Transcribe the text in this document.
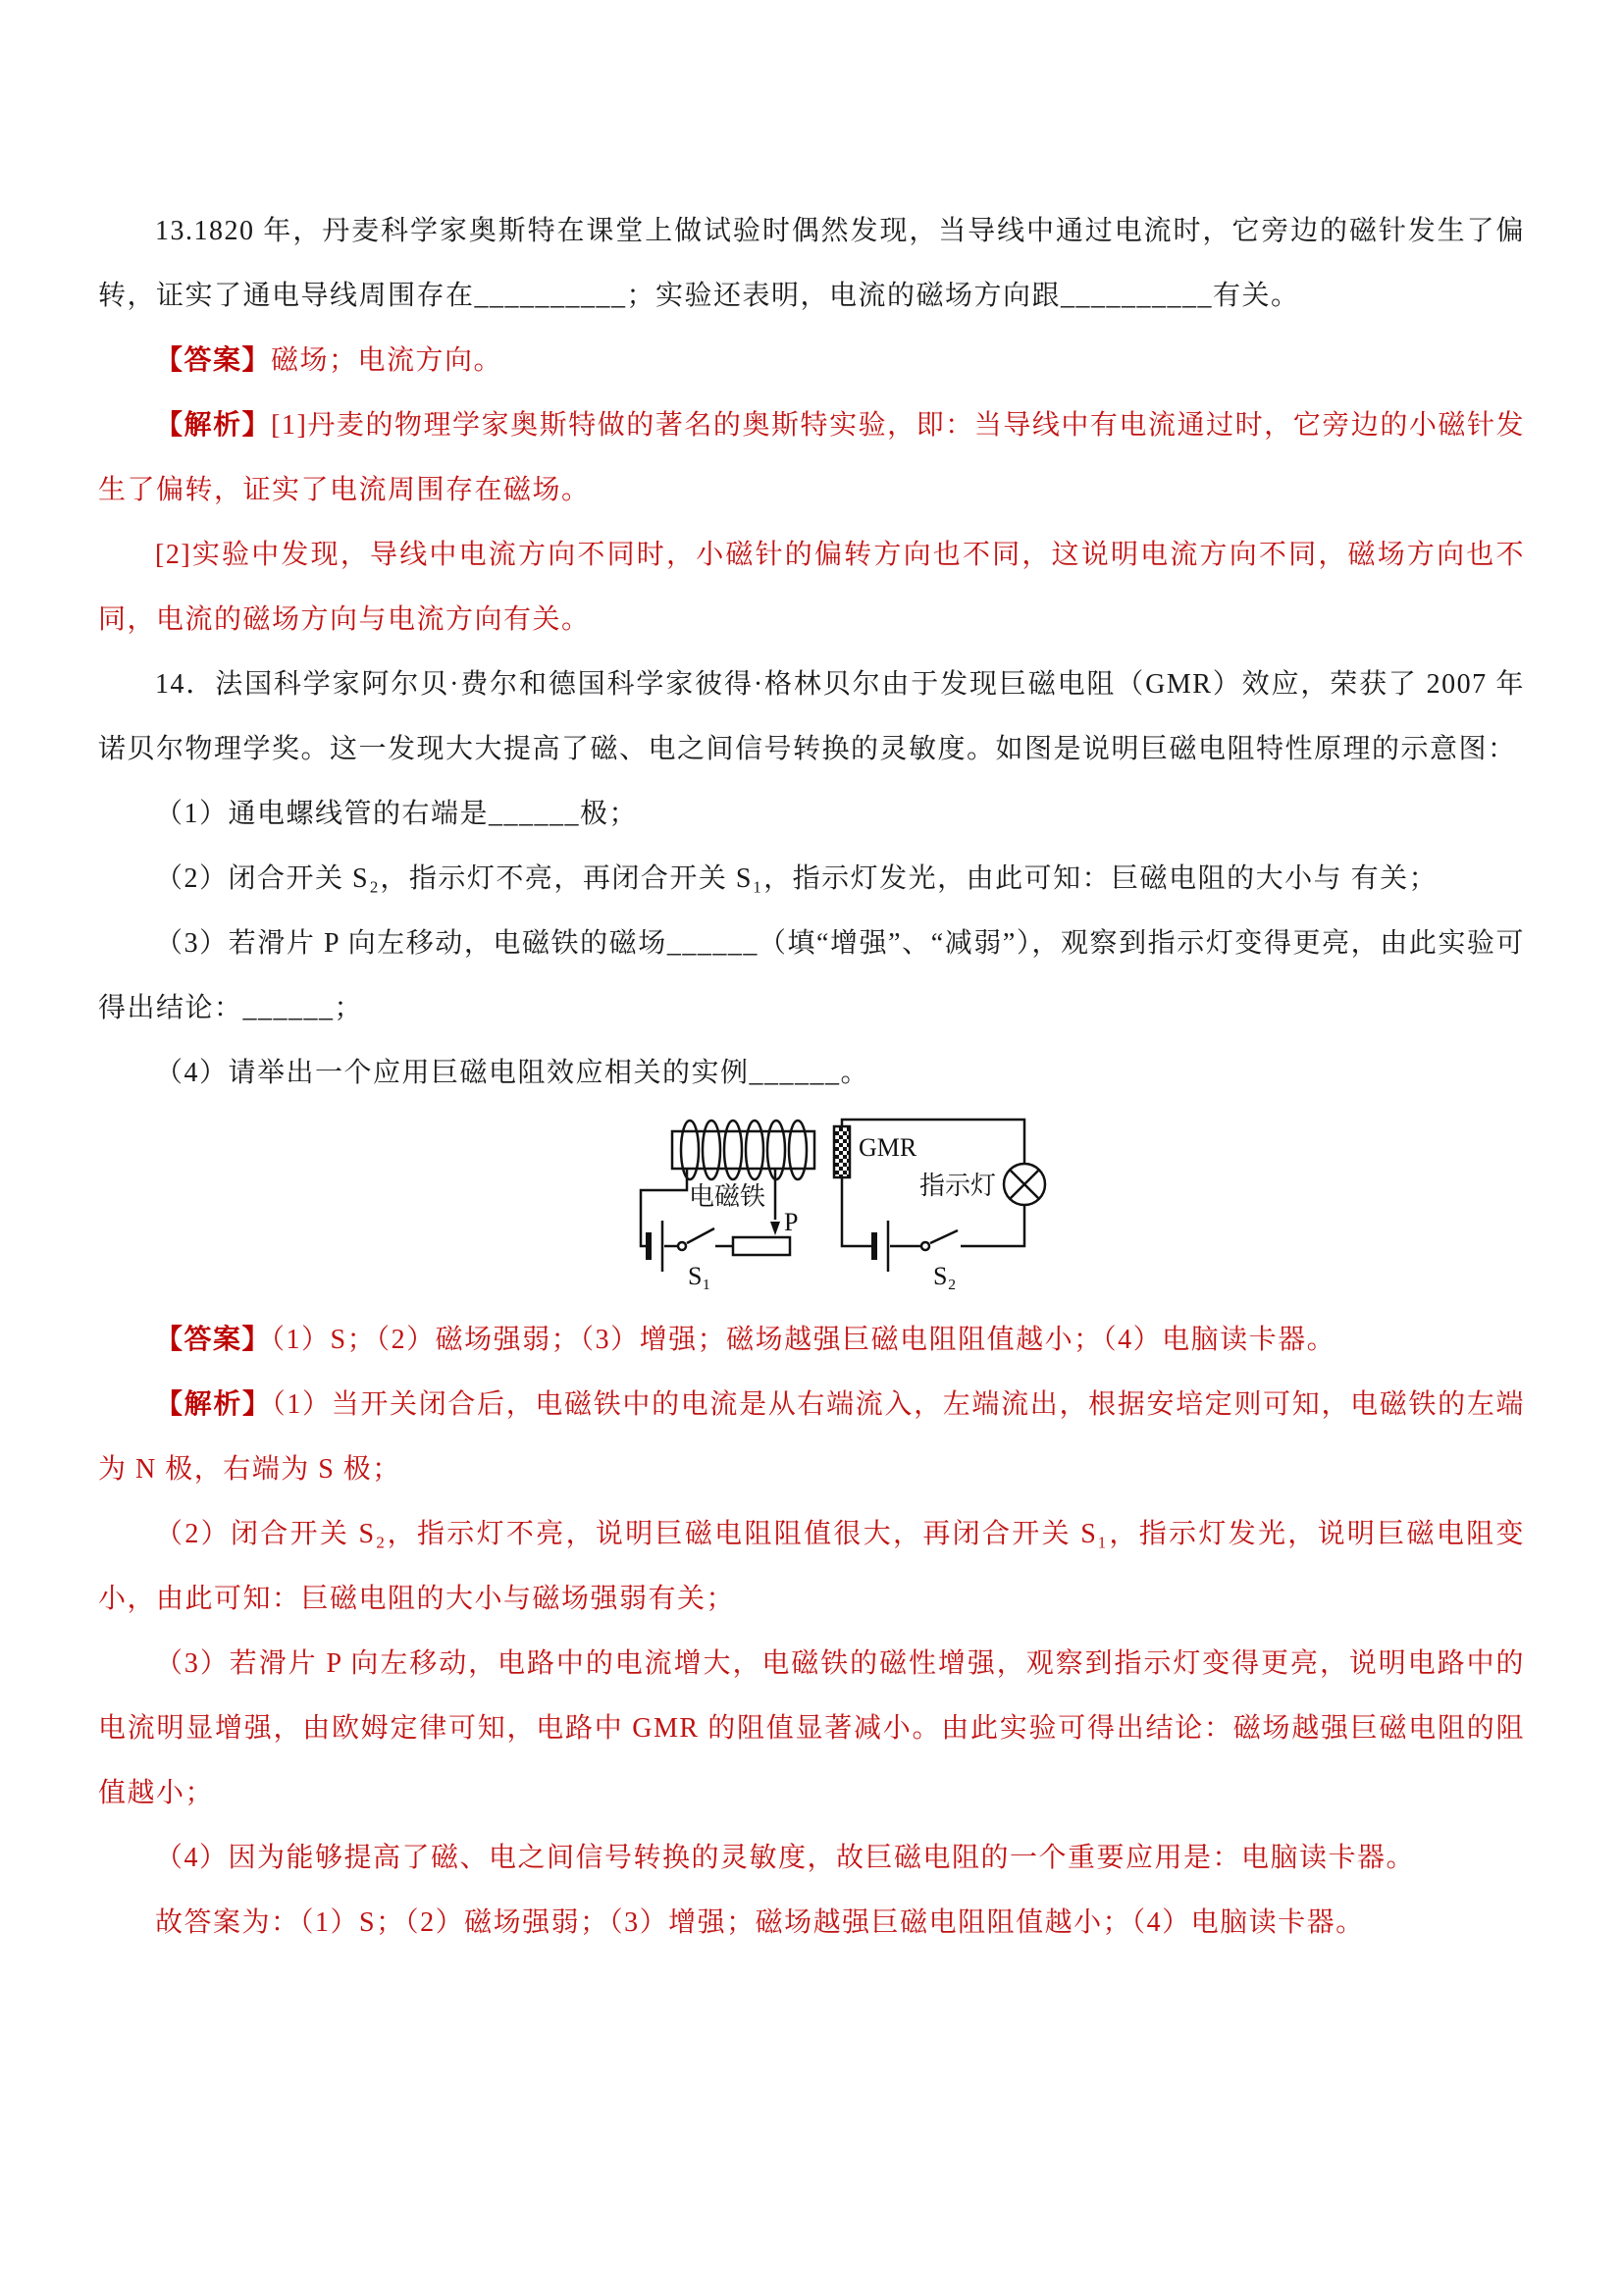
13.1820 年，丹麦科学家奥斯特在课堂上做试验时偶然发现，当导线中通过电流时，它旁边的磁针发生了偏转，证实了通电导线周围存在__________；实验还表明，电流的磁场方向跟__________有关。

【答案】磁场；电流方向。

【解析】[1]丹麦的物理学家奥斯特做的著名的奥斯特实验，即：当导线中有电流通过时，它旁边的小磁针发生了偏转，证实了电流周围存在磁场。

[2]实验中发现，导线中电流方向不同时，小磁针的偏转方向也不同，这说明电流方向不同，磁场方向也不同，电流的磁场方向与电流方向有关。

14．法国科学家阿尔贝·费尔和德国科学家彼得·格林贝尔由于发现巨磁电阻（GMR）效应，荣获了 2007 年诺贝尔物理学奖。这一发现大大提高了磁、电之间信号转换的灵敏度。如图是说明巨磁电阻特性原理的示意图：

（1）通电螺线管的右端是______极；

（2）闭合开关 S₂，指示灯不亮，再闭合开关 S₁，指示灯发光，由此可知：巨磁电阻的大小与 有关；

（3）若滑片 P 向左移动，电磁铁的磁场______（填“增强”、“减弱”），观察到指示灯变得更亮，由此实验可得出结论：______；

（4）请举出一个应用巨磁电阻效应相关的实例______。

电磁铁
GMR
指示灯
S₁	S₂
P

【答案】（1）S；（2）磁场强弱；（3）增强；磁场越强巨磁电阻阻值越小；（4）电脑读卡器。

【解析】（1）当开关闭合后，电磁铁中的电流是从右端流入，左端流出，根据安培定则可知，电磁铁的左端为 N 极，右端为 S 极；

（2）闭合开关 S₂，指示灯不亮，说明巨磁电阻阻值很大，再闭合开关 S₁，指示灯发光，说明巨磁电阻变小，由此可知：巨磁电阻的大小与磁场强弱有关；

（3）若滑片 P 向左移动，电路中的电流增大，电磁铁的磁性增强，观察到指示灯变得更亮，说明电路中的电流明显增强，由欧姆定律可知，电路中 GMR 的阻值显著减小。由此实验可得出结论：磁场越强巨磁电阻的阻值越小；

（4）因为能够提高了磁、电之间信号转换的灵敏度，故巨磁电阻的一个重要应用是：电脑读卡器。

故答案为：（1）S；（2）磁场强弱；（3）增强；磁场越强巨磁电阻阻值越小；（4）电脑读卡器。
